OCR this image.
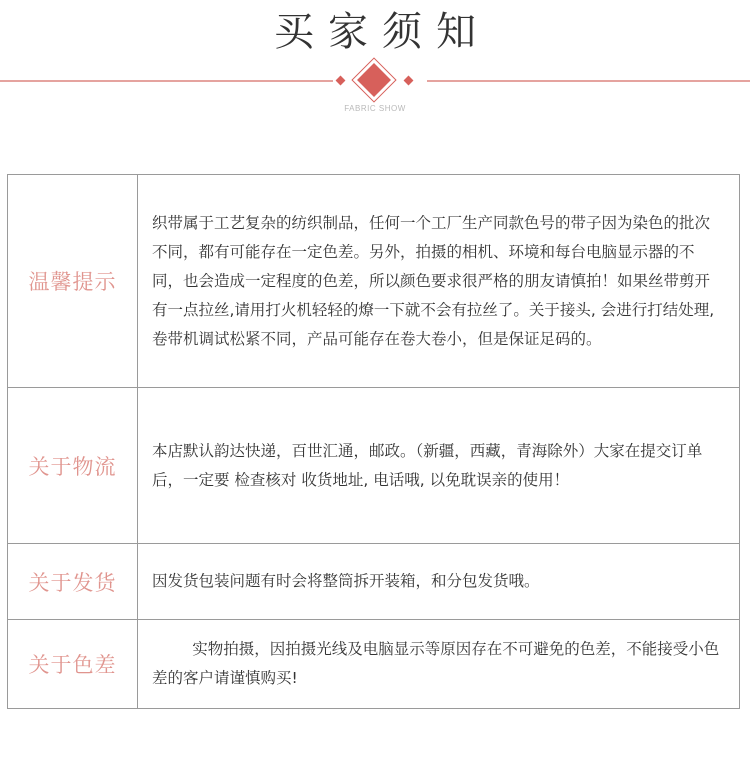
买家须知
FABRIC SHOW
温馨提示

织带属于工艺复杂的纺织制品，任何一个工厂生产同款色号的带子因为染色的批次不同，都有可能存在一定色差。另外，拍摄的相机、环境和每台电脑显示器的不同，也会造成一定程度的色差，所以颜色要求很严格的朋友请慎拍！如果丝带剪开有一点拉丝,请用打火机轻轻的燎一下就不会有拉丝了。关于接头, 会进行打结处理, 卷带机调试松紧不同，产品可能存在卷大卷小，但是保证足码的。

关于物流

本店默认韵达快递，百世汇通，邮政。（新疆，西藏，青海除外）大家在提交订单后，一定要 检查核对 收货地址, 电话哦, 以免耽误亲的使用！

关于发货	因发货包装问题有时会将整筒拆开装箱，和分包发货哦。

关于色差

实物拍摄，因拍摄光线及电脑显示等原因存在不可避免的色差，不能接受小色差的客户请谨慎购买!
